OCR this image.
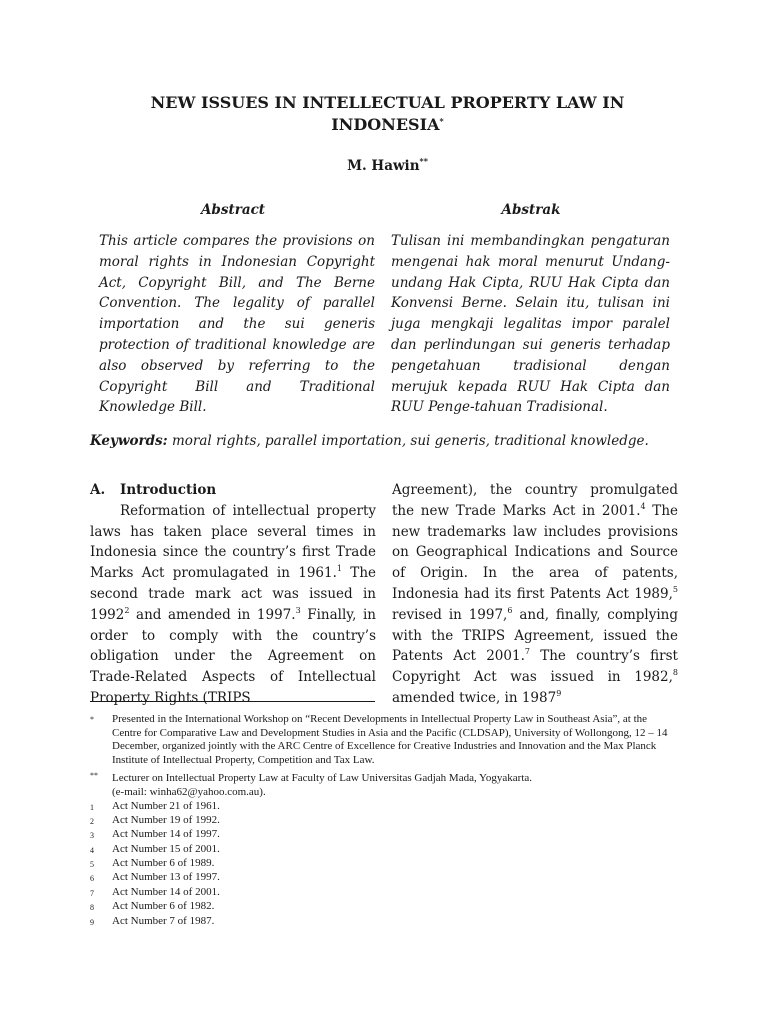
NEW ISSUES IN INTELLECTUAL PROPERTY LAW IN
INDONESIA*
M. Hawin**
Abstract	Abstrak
This article compares the provisions on moral rights in Indonesian Copyright Act, Copyright Bill, and The Berne Convention. The legality of parallel importation and the sui generis protection of traditional knowledge are also observed by referring to the Copyright Bill and Traditional Knowledge Bill.
Tulisan ini membandingkan pengaturan mengenai hak moral menurut Undang-undang Hak Cipta, RUU Hak Cipta dan Konvensi Berne. Selain itu, tulisan ini juga mengkaji legalitas impor paralel dan perlindungan sui generis terhadap pengetahuan tradisional dengan merujuk kepada RUU Hak Cipta dan RUU Penge-tahuan Tradisional.
Keywords: moral rights, parallel importation, sui generis, traditional knowledge.

A. Introduction

Reformation of intellectual property laws has taken place several times in Indonesia since the country’s first Trade Marks Act promulagated in 1961.$^1$ The second trade mark act was issued in 1992$^2$ and amended in 1997.$^3$ Finally, in order to comply with the country’s obligation under the Agreement on Trade-Related Aspects of Intellectual Property Rights (TRIPS

Agreement), the country promulgated the new Trade Marks Act in 2001.$^4$ The new trademarks law includes provisions on Geographical Indications and Source of Origin. In the area of patents, Indonesia had its first Patents Act 1989,$^5$ revised in 1997,$^6$ and, finally, complying with the TRIPS Agreement, issued the Patents Act 2001.$^7$ The country’s first Copyright Act was issued in 1982,$^8$ amended twice, in 1987$^9$

*	Presented in the International Workshop on “Recent Developments in Intellectual Property Law in Southeast Asia”, at the Centre for Comparative Law and Development Studies in Asia and the Pacific (CLDSAP), University of Wollongong, 12 – 14 December, organized jointly with the ARC Centre of Excellence for Creative Industries and Innovation and the Max Planck Institute of Intellectual Property, Competition and Tax Law.
**	Lecturer on Intellectual Property Law at Faculty of Law Universitas Gadjah Mada, Yogyakarta.
(e-mail: winha62@yahoo.com.au).
1	Act Number 21 of 1961.
2	Act Number 19 of 1992.
3	Act Number 14 of 1997.
4	Act Number 15 of 2001.
5	Act Number 6 of 1989.
6	Act Number 13 of 1997.
7	Act Number 14 of 2001.
8	Act Number 6 of 1982.
9	Act Number 7 of 1987.
